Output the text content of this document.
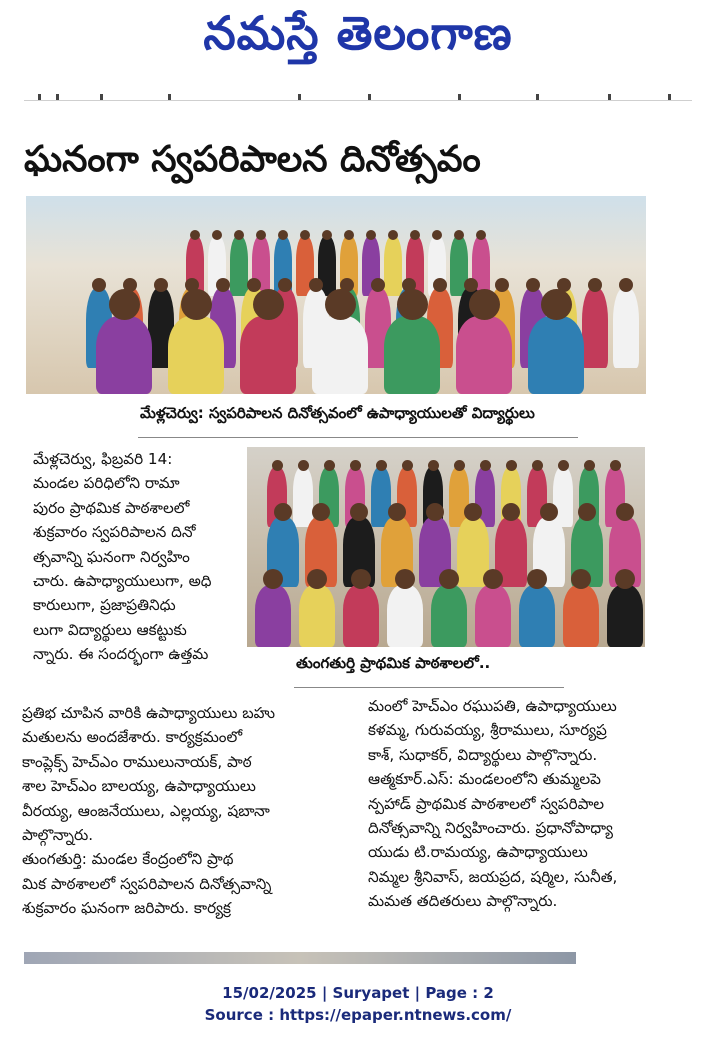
నమస్తే తెలంగాణ
ఘనంగా స్వపరిపాలన దినోత్సవం
మేళ్లచెర్వు: స్వపరిపాలన దినోత్సవంలో ఉపాధ్యాయులతో విద్యార్థులు

మేళ్లచెర్వు, ఫిబ్రవరి 14:

మండల పరిధిలోని రామా

పురం ప్రాథమిక పాఠశాలలో

శుక్రవారం స్వపరిపాలన దినో

త్సవాన్ని ఘనంగా నిర్వహిం

చారు. ఉపాధ్యాయులుగా, అధి

కారులుగా, ప్రజాప్రతినిధు

లుగా విద్యార్థులు ఆకట్టుకు

న్నారు. ఈ సందర్భంగా ఉత్తమ	తుంగతుర్తి ప్రాథమిక పాఠశాలలో..

ప్రతిభ చూపిన వారికి ఉపాధ్యాయులు బహు

మతులను అందజేశారు. కార్యక్రమంలో

కాంప్లెక్స్ హెచ్ఎం రాములునాయక్, పాఠ

శాల హెచ్ఎం బాలయ్య, ఉపాధ్యాయులు

వీరయ్య, ఆంజనేయులు, ఎల్లయ్య, షబానా

పాల్గొన్నారు.

తుంగతుర్తి: మండల కేంద్రంలోని ప్రాథ

మిక పాఠశాలలో స్వపరిపాలన దినోత్సవాన్ని

శుక్రవారం ఘనంగా జరిపారు. కార్యక్ర

మంలో హెచ్ఎం రఘుపతి, ఉపాధ్యాయులు

కళమ్మ, గురువయ్య, శ్రీరాములు, సూర్యప్ర

కాశ్, సుధాకర్, విద్యార్థులు పాల్గొన్నారు.

ఆత్మకూర్.ఎస్: మండలంలోని తుమ్మలపె

న్పహాడ్ ప్రాథమిక పాఠశాలలో స్వపరిపాల

దినోత్సవాన్ని నిర్వహించారు. ప్రధానోపాధ్యా

యుడు టి.రామయ్య, ఉపాధ్యాయులు

నిమ్మల శ్రీనివాస్, జయప్రద, షర్మిల, సునీత,

మమత తదితరులు పాల్గొన్నారు.

15/02/2025 | Suryapet | Page : 2
Source : https://epaper.ntnews.com/
